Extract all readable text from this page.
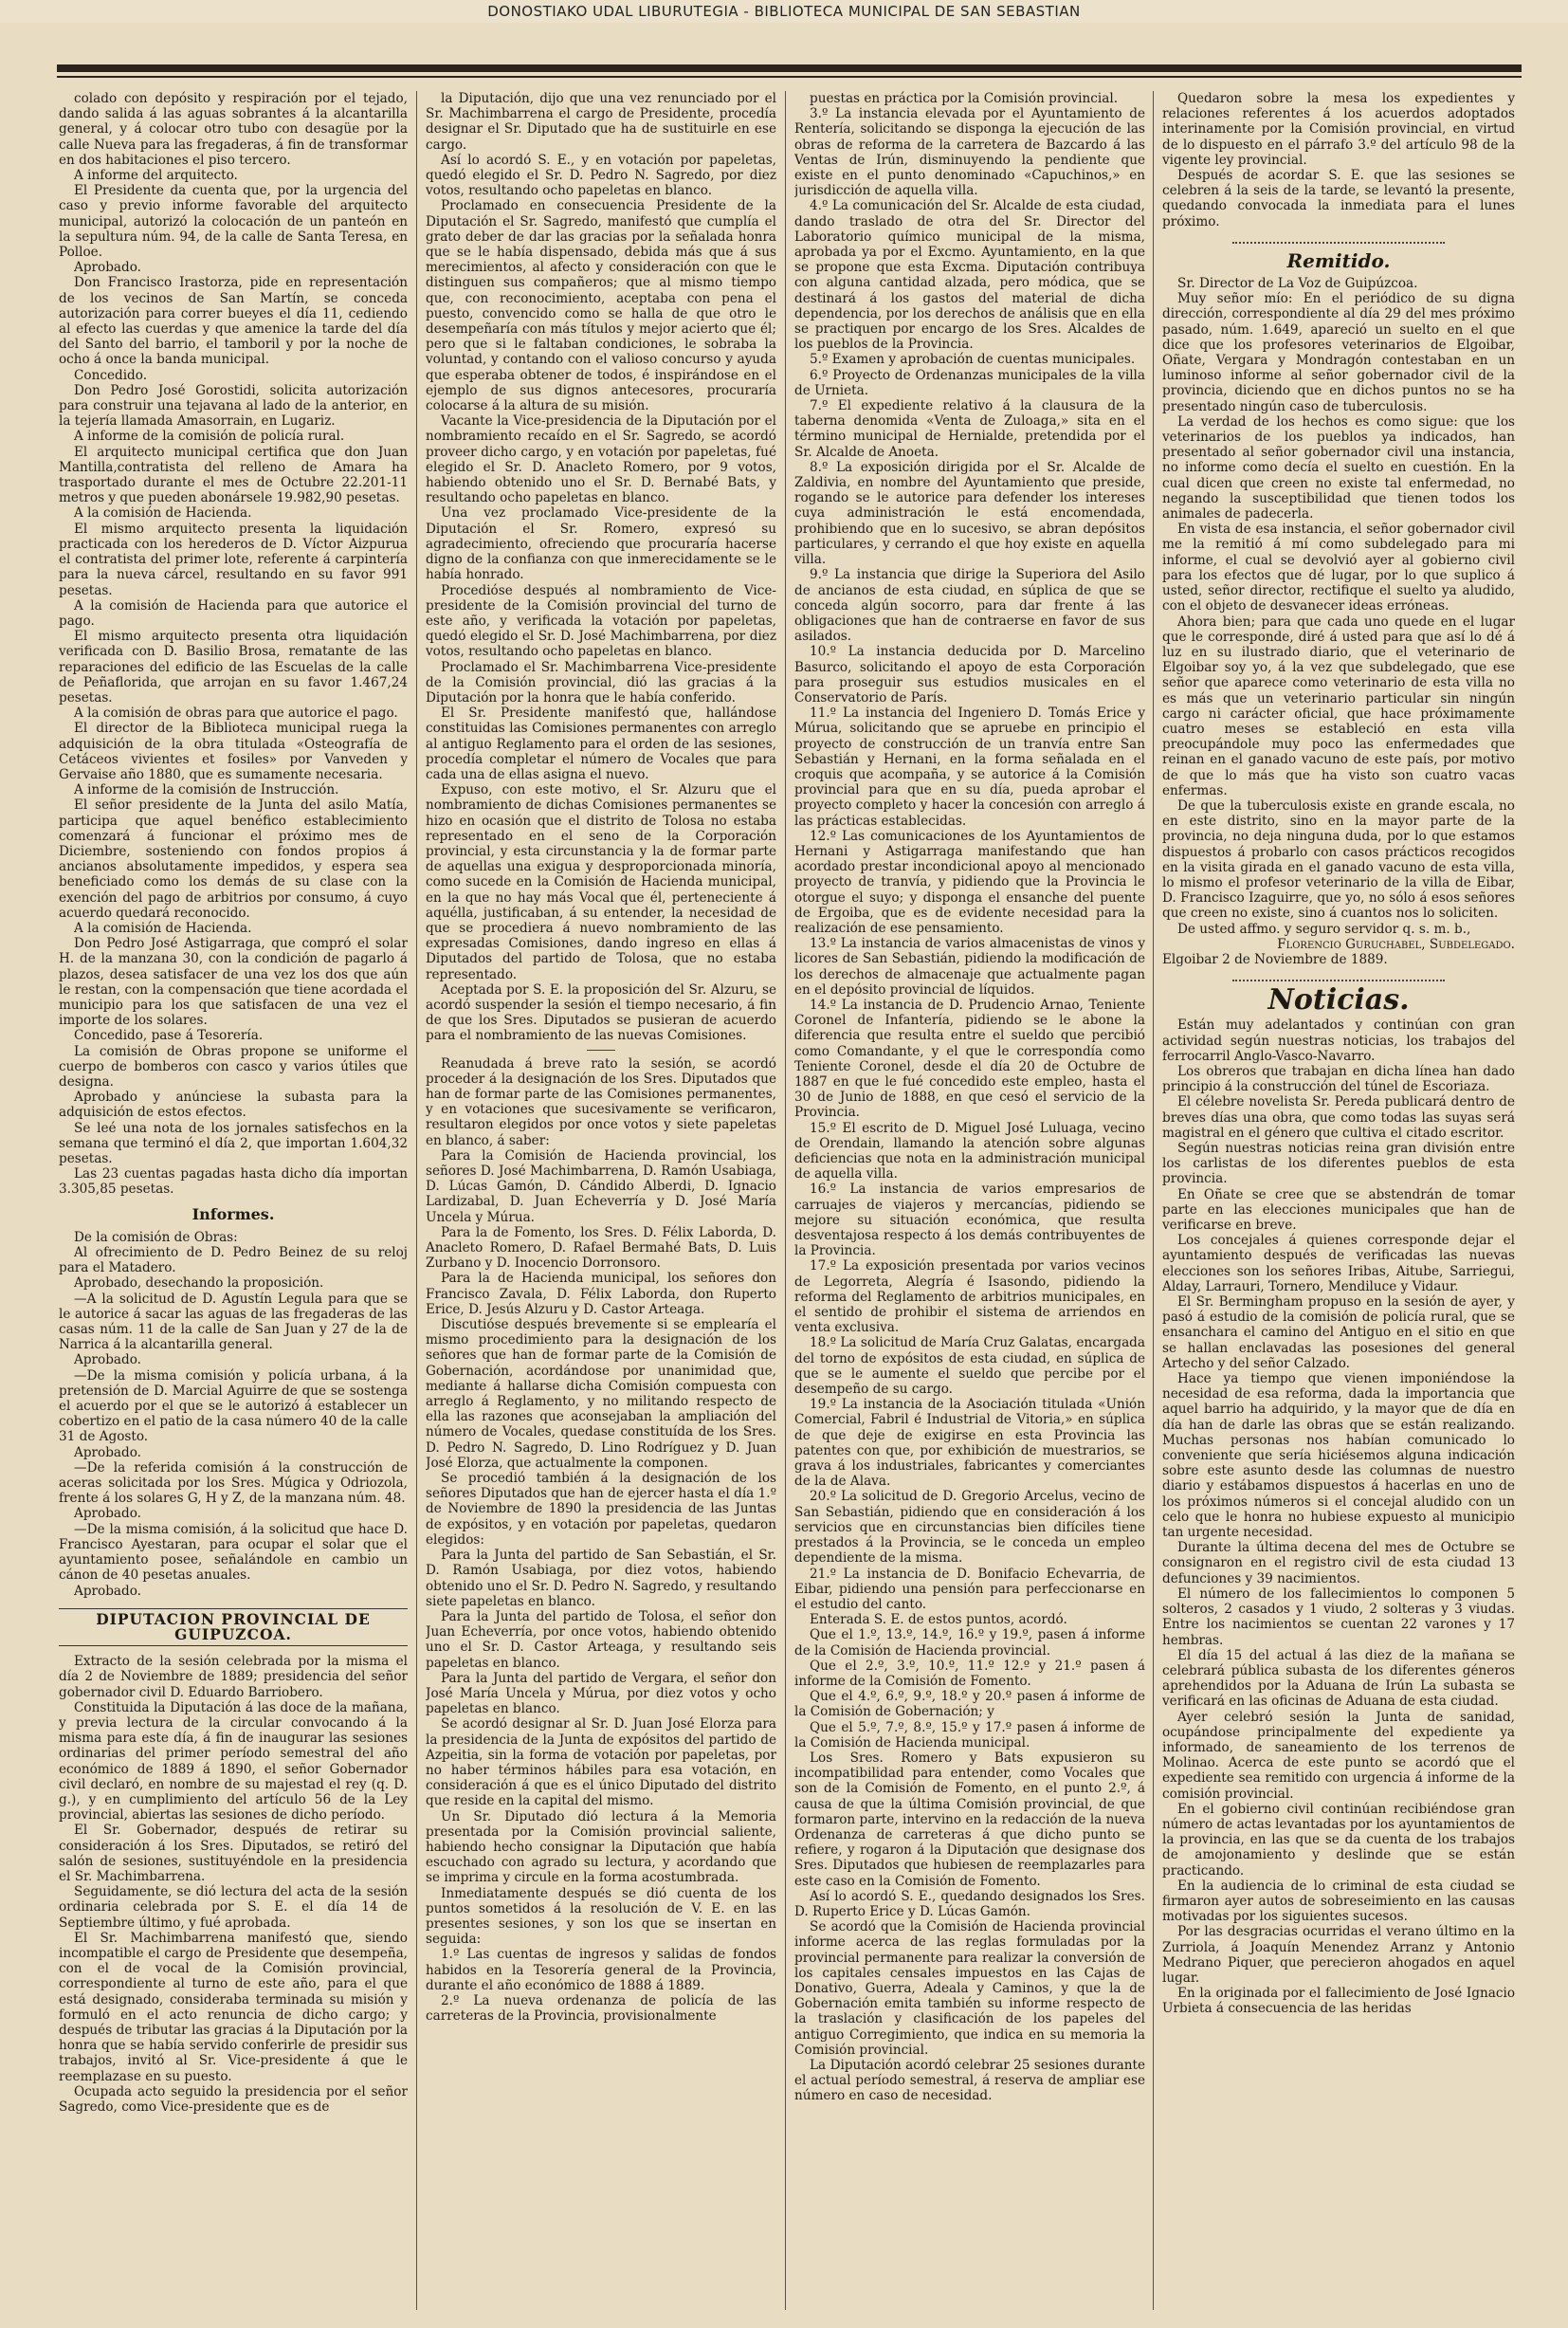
DONOSTIAKO UDAL LIBURUTEGIA - BIBLIOTECA MUNICIPAL DE SAN SEBASTIAN

colado con depósito y respiración por el tejado, dando salida á las aguas sobrantes á la alcantarilla general, y á colocar otro tubo con desagüe por la calle Nueva para las fregaderas, á fin de transformar en dos habitaciones el piso tercero.

A informe del arquitecto.

El Presidente da cuenta que, por la urgencia del caso y previo informe favorable del arquitecto municipal, autorizó la colocación de un panteón en la sepultura núm. 94, de la calle de Santa Teresa, en Polloe.

Aprobado.

Don Francisco Irastorza, pide en representación de los vecinos de San Martín, se conceda autorización para correr bueyes el día 11, cediendo al efecto las cuerdas y que amenice la tarde del día del Santo del barrio, el tamboril y por la noche de ocho á once la banda municipal.

Concedido.

Don Pedro José Gorostidi, solicita autorización para construir una tejavana al lado de la anterior, en la tejería llamada Amasorrain, en Lugariz.

A informe de la comisión de policía rural.

El arquitecto municipal certifica que don Juan Mantilla,contratista del relleno de Amara ha trasportado durante el mes de Octubre 22.201-11 metros y que pueden abonársele 19.982,90 pesetas.

A la comisión de Hacienda.

El mismo arquitecto presenta la liquidación practicada con los herederos de D. Víctor Aizpurua el contratista del primer lote, referente á carpintería para la nueva cárcel, resultando en su favor 991 pesetas.

A la comisión de Hacienda para que autorice el pago.

El mismo arquitecto presenta otra liquidación verificada con D. Basilio Brosa, rematante de las reparaciones del edificio de las Escuelas de la calle de Peñaflorida, que arrojan en su favor 1.467,24 pesetas.

A la comisión de obras para que autorice el pago.

El director de la Biblioteca municipal ruega la adquisición de la obra titulada «Osteografía de Cetáceos vivientes et fosiles» por Vanveden y Gervaise año 1880, que es sumamente necesaria.

A informe de la comisión de Instrucción.

El señor presidente de la Junta del asilo Matía, participa que aquel benéfico establecimiento comenzará á funcionar el próximo mes de Diciembre, sosteniendo con fondos propios á ancianos absolutamente impedidos, y espera sea beneficiado como los demás de su clase con la exención del pago de arbitrios por consumo, á cuyo acuerdo quedará reconocido.

A la comisión de Hacienda.

Don Pedro José Astigarraga, que compró el solar H. de la manzana 30, con la condición de pagarlo á plazos, desea satisfacer de una vez los dos que aún le restan, con la compensación que tiene acordada el municipio para los que satisfacen de una vez el importe de los solares.

Concedido, pase á Tesorería.

La comisión de Obras propone se uniforme el cuerpo de bomberos con casco y varios útiles que designa.

Aprobado y anúnciese la subasta para la adquisición de estos efectos.

Se leé una nota de los jornales satisfechos en la semana que terminó el día 2, que importan 1.604,32 pesetas.

Las 23 cuentas pagadas hasta dicho día importan 3.305,85 pesetas.

Informes.

De la comisión de Obras:

Al ofrecimiento de D. Pedro Beinez de su reloj para el Matadero.

Aprobado, desechando la proposición.

—A la solicitud de D. Agustín Legula para que se le autorice á sacar las aguas de las fregaderas de las casas núm. 11 de la calle de San Juan y 27 de la de Narrica á la alcantarilla general.

Aprobado.

—De la misma comisión y policía urbana, á la pretensión de D. Marcial Aguirre de que se sostenga el acuerdo por el que se le autorizó á establecer un cobertizo en el patio de la casa número 40 de la calle 31 de Agosto.

Aprobado.

—De la referida comisión á la construcción de aceras solicitada por los Sres. Múgica y Odriozola, frente á los solares G, H y Z, de la manzana núm. 48.

Aprobado.

—De la misma comisión, á la solicitud que hace D. Francisco Ayestaran, para ocupar el solar que el ayuntamiento posee, señalándole en cambio un cánon de 40 pesetas anuales.

Aprobado.

DIPUTACION PROVINCIAL DE GUIPUZCOA.

Extracto de la sesión celebrada por la misma el día 2 de Noviembre de 1889; presidencia del señor gobernador civil D. Eduardo Barriobero.

Constituida la Diputación á las doce de la mañana, y previa lectura de la circular convocando á la misma para este día, á fin de inaugurar las sesiones ordinarias del primer período semestral del año económico de 1889 á 1890, el señor Gobernador civil declaró, en nombre de su majestad el rey (q. D. g.), y en cumplimiento del artículo 56 de la Ley provincial, abiertas las sesiones de dicho período.

El Sr. Gobernador, después de retirar su consideración á los Sres. Diputados, se retiró del salón de sesiones, sustituyéndole en la presidencia el Sr. Machimbarrena.

Seguidamente, se dió lectura del acta de la sesión ordinaria celebrada por S. E. el día 14 de Septiembre último, y fué aprobada.

El Sr. Machimbarrena manifestó que, siendo incompatible el cargo de Presidente que desempeña, con el de vocal de la Comisión provincial, correspondiente al turno de este año, para el que está designado, consideraba terminada su misión y formuló en el acto renuncia de dicho cargo; y después de tributar las gracias á la Diputación por la honra que se había servido conferirle de presidir sus trabajos, invitó al Sr. Vice-presidente á que le reemplazase en su puesto.

Ocupada acto seguido la presidencia por el señor Sagredo, como Vice-presidente que es de

la Diputación, dijo que una vez renunciado por el Sr. Machimbarrena el cargo de Presidente, procedía designar el Sr. Diputado que ha de sustituirle en ese cargo.

Así lo acordó S. E., y en votación por papeletas, quedó elegido el Sr. D. Pedro N. Sagredo, por diez votos, resultando ocho papeletas en blanco.

Proclamado en consecuencia Presidente de la Diputación el Sr. Sagredo, manifestó que cumplía el grato deber de dar las gracias por la señalada honra que se le había dispensado, debida más que á sus merecimientos, al afecto y consideración con que le distinguen sus compañeros; que al mismo tiempo que, con reconocimiento, aceptaba con pena el puesto, convencido como se halla de que otro le desempeñaría con más títulos y mejor acierto que él; pero que si le faltaban condiciones, le sobraba la voluntad, y contando con el valioso concurso y ayuda que esperaba obtener de todos, é inspirándose en el ejemplo de sus dignos antecesores, procuraría colocarse á la altura de su misión.

Vacante la Vice-presidencia de la Diputación por el nombramiento recaído en el Sr. Sagredo, se acordó proveer dicho cargo, y en votación por papeletas, fué elegido el Sr. D. Anacleto Romero, por 9 votos, habiendo obtenido uno el Sr. D. Bernabé Bats, y resultando ocho papeletas en blanco.

Una vez proclamado Vice-presidente de la Diputación el Sr. Romero, expresó su agradecimiento, ofreciendo que procuraría hacerse digno de la confianza con que inmerecidamente se le había honrado.

Procedióse después al nombramiento de Vice-presidente de la Comisión provincial del turno de este año, y verificada la votación por papeletas, quedó elegido el Sr. D. José Machimbarrena, por diez votos, resultando ocho papeletas en blanco.

Proclamado el Sr. Machimbarrena Vice-presidente de la Comisión provincial, dió las gracias á la Diputación por la honra que le había conferido.

El Sr. Presidente manifestó que, hallándose constituidas las Comisiones permanentes con arreglo al antiguo Reglamento para el orden de las sesiones, procedía completar el número de Vocales que para cada una de ellas asigna el nuevo.

Expuso, con este motivo, el Sr. Alzuru que el nombramiento de dichas Comisiones permanentes se hizo en ocasión que el distrito de Tolosa no estaba representado en el seno de la Corporación provincial, y esta circunstancia y la de formar parte de aquellas una exigua y desproporcionada minoría, como sucede en la Comisión de Hacienda municipal, en la que no hay más Vocal que él, perteneciente á aquélla, justificaban, á su entender, la necesidad de que se procediera á nuevo nombramiento de las expresadas Comisiones, dando ingreso en ellas á Diputados del partido de Tolosa, que no estaba representado.

Aceptada por S. E. la proposición del Sr. Alzuru, se acordó suspender la sesión el tiempo necesario, á fin de que los Sres. Diputados se pusieran de acuerdo para el nombramiento de las nuevas Comisiones.

Reanudada á breve rato la sesión, se acordó proceder á la designación de los Sres. Diputados que han de formar parte de las Comisiones permanentes, y en votaciones que sucesivamente se verificaron, resultaron elegidos por once votos y siete papeletas en blanco, á saber:

Para la Comisión de Hacienda provincial, los señores D. José Machimbarrena, D. Ramón Usabiaga, D. Lúcas Gamón, D. Cándido Alberdi, D. Ignacio Lardizabal, D. Juan Echeverría y D. José María Uncela y Múrua.

Para la de Fomento, los Sres. D. Félix Laborda, D. Anacleto Romero, D. Rafael Bermahé Bats, D. Luis Zurbano y D. Inocencio Dorronsoro.

Para la de Hacienda municipal, los señores don Francisco Zavala, D. Félix Laborda, don Ruperto Erice, D. Jesús Alzuru y D. Castor Arteaga.

Discutióse después brevemente si se emplearía el mismo procedimiento para la designación de los señores que han de formar parte de la Comisión de Gobernación, acordándose por unanimidad que, mediante á hallarse dicha Comisión compuesta con arreglo á Reglamento, y no militando respecto de ella las razones que aconsejaban la ampliación del número de Vocales, quedase constituída de los Sres. D. Pedro N. Sagredo, D. Lino Rodríguez y D. Juan José Elorza, que actualmente la componen.

Se procedió también á la designación de los señores Diputados que han de ejercer hasta el día 1.º de Noviembre de 1890 la presidencia de las Juntas de expósitos, y en votación por papeletas, quedaron elegidos:

Para la Junta del partido de San Sebastián, el Sr. D. Ramón Usabiaga, por diez votos, habiendo obtenido uno el Sr. D. Pedro N. Sagredo, y resultando siete papeletas en blanco.

Para la Junta del partido de Tolosa, el señor don Juan Echeverría, por once votos, habiendo obtenido uno el Sr. D. Castor Arteaga, y resultando seis papeletas en blanco.

Para la Junta del partido de Vergara, el señor don José María Uncela y Múrua, por diez votos y ocho papeletas en blanco.

Se acordó designar al Sr. D. Juan José Elorza para la presidencia de la Junta de expósitos del partido de Azpeitia, sin la forma de votación por papeletas, por no haber términos hábiles para esa votación, en consideración á que es el único Diputado del distrito que reside en la capital del mismo.

Un Sr. Diputado dió lectura á la Memoria presentada por la Comisión provincial saliente, habiendo hecho consignar la Diputación que había escuchado con agrado su lectura, y acordando que se imprima y circule en la forma acostumbrada.

Inmediatamente después se dió cuenta de los puntos sometidos á la resolución de V. E. en las presentes sesiones, y son los que se insertan en seguida:

1.º Las cuentas de ingresos y salidas de fondos habidos en la Tesorería general de la Provincia, durante el año económico de 1888 á 1889.

2.º La nueva ordenanza de policía de las carreteras de la Provincia, provisionalmente

puestas en práctica por la Comisión provincial.

3.º La instancia elevada por el Ayuntamiento de Rentería, solicitando se disponga la ejecución de las obras de reforma de la carretera de Bazcardo á las Ventas de Irún, disminuyendo la pendiente que existe en el punto denominado «Capuchinos,» en jurisdicción de aquella villa.

4.º La comunicación del Sr. Alcalde de esta ciudad, dando traslado de otra del Sr. Director del Laboratorio químico municipal de la misma, aprobada ya por el Excmo. Ayuntamiento, en la que se propone que esta Excma. Diputación contribuya con alguna cantidad alzada, pero módica, que se destinará á los gastos del material de dicha dependencia, por los derechos de análisis que en ella se practiquen por encargo de los Sres. Alcaldes de los pueblos de la Provincia.

5.º Examen y aprobación de cuentas municipales.

6.º Proyecto de Ordenanzas municipales de la villa de Urnieta.

7.º El expediente relativo á la clausura de la taberna denomida «Venta de Zuloaga,» sita en el término municipal de Hernialde, pretendida por el Sr. Alcalde de Anoeta.

8.º La exposición dirigida por el Sr. Alcalde de Zaldivia, en nombre del Ayuntamiento que preside, rogando se le autorice para defender los intereses cuya administración le está encomendada, prohibiendo que en lo sucesivo, se abran depósitos particulares, y cerrando el que hoy existe en aquella villa.

9.º La instancia que dirige la Superiora del Asilo de ancianos de esta ciudad, en súplica de que se conceda algún socorro, para dar frente á las obligaciones que han de contraerse en favor de sus asilados.

10.º La instancia deducida por D. Marcelino Basurco, solicitando el apoyo de esta Corporación para proseguir sus estudios musicales en el Conservatorio de París.

11.º La instancia del Ingeniero D. Tomás Erice y Múrua, solicitando que se apruebe en principio el proyecto de construcción de un tranvía entre San Sebastián y Hernani, en la forma señalada en el croquis que acompaña, y se autorice á la Comisión provincial para que en su día, pueda aprobar el proyecto completo y hacer la concesión con arreglo á las prácticas establecidas.

12.º Las comunicaciones de los Ayuntamientos de Hernani y Astigarraga manifestando que han acordado prestar incondicional apoyo al mencionado proyecto de tranvía, y pidiendo que la Provincia le otorgue el suyo; y disponga el ensanche del puente de Ergoiba, que es de evidente necesidad para la realización de ese pensamiento.

13.º La instancia de varios almacenistas de vinos y licores de San Sebastián, pidiendo la modificación de los derechos de almacenaje que actualmente pagan en el depósito provincial de líquidos.

14.º La instancia de D. Prudencio Arnao, Teniente Coronel de Infantería, pidiendo se le abone la diferencia que resulta entre el sueldo que percibió como Comandante, y el que le correspondía como Teniente Coronel, desde el día 20 de Octubre de 1887 en que le fué concedido este empleo, hasta el 30 de Junio de 1888, en que cesó el servicio de la Provincia.

15.º El escrito de D. Miguel José Luluaga, vecino de Orendain, llamando la atención sobre algunas deficiencias que nota en la administración municipal de aquella villa.

16.º La instancia de varios empresarios de carruajes de viajeros y mercancías, pidiendo se mejore su situación económica, que resulta desventajosa respecto á los demás contribuyentes de la Provincia.

17.º La exposición presentada por varios vecinos de Legorreta, Alegría é Isasondo, pidiendo la reforma del Reglamento de arbitrios municipales, en el sentido de prohibir el sistema de arriendos en venta exclusiva.

18.º La solicitud de María Cruz Galatas, encargada del torno de expósitos de esta ciudad, en súplica de que se le aumente el sueldo que percibe por el desempeño de su cargo.

19.º La instancia de la Asociación titulada «Unión Comercial, Fabril é Industrial de Vitoria,» en súplica de que deje de exigirse en esta Provincia las patentes con que, por exhibición de muestrarios, se grava á los industriales, fabricantes y comerciantes de la de Alava.

20.º La solicitud de D. Gregorio Arcelus, vecino de San Sebastián, pidiendo que en consideración á los servicios que en circunstancias bien difíciles tiene prestados á la Provincia, se le conceda un empleo dependiente de la misma.

21.º La instancia de D. Bonifacio Echevarria, de Eibar, pidiendo una pensión para perfeccionarse en el estudio del canto.

Enterada S. E. de estos puntos, acordó.

Que el 1.º, 13.º, 14.º, 16.º y 19.º, pasen á informe de la Comisión de Hacienda provincial.

Que el 2.º, 3.º, 10.º, 11.º 12.º y 21.º pasen á informe de la Comisión de Fomento.

Que el 4.º, 6.º, 9.º, 18.º y 20.º pasen á informe de la Comisión de Gobernación; y

Que el 5.º, 7.º, 8.º, 15.º y 17.º pasen á informe de la Comisión de Hacienda municipal.

Los Sres. Romero y Bats expusieron su incompatibilidad para entender, como Vocales que son de la Comisión de Fomento, en el punto 2.º, á causa de que la última Comisión provincial, de que formaron parte, intervino en la redacción de la nueva Ordenanza de carreteras á que dicho punto se refiere, y rogaron á la Diputación que designase dos Sres. Diputados que hubiesen de reemplazarles para este caso en la Comisión de Fomento.

Así lo acordó S. E., quedando designados los Sres. D. Ruperto Erice y D. Lúcas Gamón.

Se acordó que la Comisión de Hacienda provincial informe acerca de las reglas formuladas por la provincial permanente para realizar la conversión de los capitales censales impuestos en las Cajas de Donativo, Guerra, Adeala y Caminos, y que la de Gobernación emita también su informe respecto de la traslación y clasificación de los papeles del antiguo Corregimiento, que indica en su memoria la Comisión provincial.

La Diputación acordó celebrar 25 sesiones durante el actual período semestral, á reserva de ampliar ese número en caso de necesidad.

Quedaron sobre la mesa los expedientes y relaciones referentes á los acuerdos adoptados interinamente por la Comisión provincial, en virtud de lo dispuesto en el párrafo 3.º del artículo 98 de la vigente ley provincial.

Después de acordar S. E. que las sesiones se celebren á la seis de la tarde, se levantó la presente, quedando convocada la inmediata para el lunes próximo.

Remitido.

Sr. Director de La Voz de Guipúzcoa.

Muy señor mío: En el periódico de su digna dirección, correspondiente al día 29 del mes próximo pasado, núm. 1.649, apareció un suelto en el que dice que los profesores veterinarios de Elgoibar, Oñate, Vergara y Mondragón contestaban en un luminoso informe al señor gobernador civil de la provincia, diciendo que en dichos puntos no se ha presentado ningún caso de tuberculosis.

La verdad de los hechos es como sigue: que los veterinarios de los pueblos ya indicados, han presentado al señor gobernador civil una instancia, no informe como decía el suelto en cuestión. En la cual dicen que creen no existe tal enfermedad, no negando la susceptibilidad que tienen todos los animales de padecerla.

En vista de esa instancia, el señor gobernador civil me la remitió á mí como subdelegado para mi informe, el cual se devolvió ayer al gobierno civil para los efectos que dé lugar, por lo que suplico á usted, señor director, rectifique el suelto ya aludido, con el objeto de desvanecer ideas erróneas.

Ahora bien; para que cada uno quede en el lugar que le corresponde, diré á usted para que así lo dé á luz en su ilustrado diario, que el veterinario de Elgoibar soy yo, á la vez que subdelegado, que ese señor que aparece como veterinario de esta villa no es más que un veterinario particular sin ningún cargo ni carácter oficial, que hace próximamente cuatro meses se estableció en esta villa preocupándole muy poco las enfermedades que reinan en el ganado vacuno de este país, por motivo de que lo más que ha visto son cuatro vacas enfermas.

De que la tuberculosis existe en grande escala, no en este distrito, sino en la mayor parte de la provincia, no deja ninguna duda, por lo que estamos dispuestos á probarlo con casos prácticos recogidos en la visita girada en el ganado vacuno de esta villa, lo mismo el profesor veterinario de la villa de Eibar, D. Francisco Izaguirre, que yo, no sólo á esos señores que creen no existe, sino á cuantos nos lo soliciten.

De usted affmo. y seguro servidor q. s. m. b.,

Florencio Guruchabel, Subdelegado.

Elgoibar 2 de Noviembre de 1889.

Noticias.

Están muy adelantados y continúan con gran actividad según nuestras noticias, los trabajos del ferrocarril Anglo-Vasco-Navarro.

Los obreros que trabajan en dicha línea han dado principio á la construcción del túnel de Escoriaza.

El célebre novelista Sr. Pereda publicará dentro de breves días una obra, que como todas las suyas será magistral en el género que cultiva el citado escritor.

Según nuestras noticias reina gran división entre los carlistas de los diferentes pueblos de esta provincia.

En Oñate se cree que se abstendrán de tomar parte en las elecciones municipales que han de verificarse en breve.

Los concejales á quienes corresponde dejar el ayuntamiento después de verificadas las nuevas elecciones son los señores Iribas, Aitube, Sarriegui, Alday, Larrauri, Tornero, Mendiluce y Vidaur.

El Sr. Bermingham propuso en la sesión de ayer, y pasó á estudio de la comisión de policía rural, que se ensanchara el camino del Antiguo en el sitio en que se hallan enclavadas las posesiones del general Artecho y del señor Calzado.

Hace ya tiempo que vienen imponiéndose la necesidad de esa reforma, dada la importancia que aquel barrio ha adquirido, y la mayor que de día en día han de darle las obras que se están realizando. Muchas personas nos habían comunicado lo conveniente que sería hiciésemos alguna indicación sobre este asunto desde las columnas de nuestro diario y estábamos dispuestos á hacerlas en uno de los próximos números si el concejal aludido con un celo que le honra no hubiese expuesto al municipio tan urgente necesidad.

Durante la última decena del mes de Octubre se consignaron en el registro civil de esta ciudad 13 defunciones y 39 nacimientos.

El número de los fallecimientos lo componen 5 solteros, 2 casados y 1 viudo, 2 solteras y 3 viudas. Entre los nacimientos se cuentan 22 varones y 17 hembras.

El día 15 del actual á las diez de la mañana se celebrará pública subasta de los diferentes géneros aprehendidos por la Aduana de Irún La subasta se verificará en las oficinas de Aduana de esta ciudad.

Ayer celebró sesión la Junta de sanidad, ocupándose principalmente del expediente ya informado, de saneamiento de los terrenos de Molinao. Acerca de este punto se acordó que el expediente sea remitido con urgencia á informe de la comisión provincial.

En el gobierno civil continúan recibiéndose gran número de actas levantadas por los ayuntamientos de la provincia, en las que se da cuenta de los trabajos de amojonamiento y deslinde que se están practicando.

En la audiencia de lo criminal de esta ciudad se firmaron ayer autos de sobreseimiento en las causas motivadas por los siguientes sucesos.

Por las desgracias ocurridas el verano último en la Zurriola, á Joaquín Menendez Arranz y Antonio Medrano Piquer, que perecieron ahogados en aquel lugar.

En la originada por el fallecimiento de José Ignacio Urbieta á consecuencia de las heridas
